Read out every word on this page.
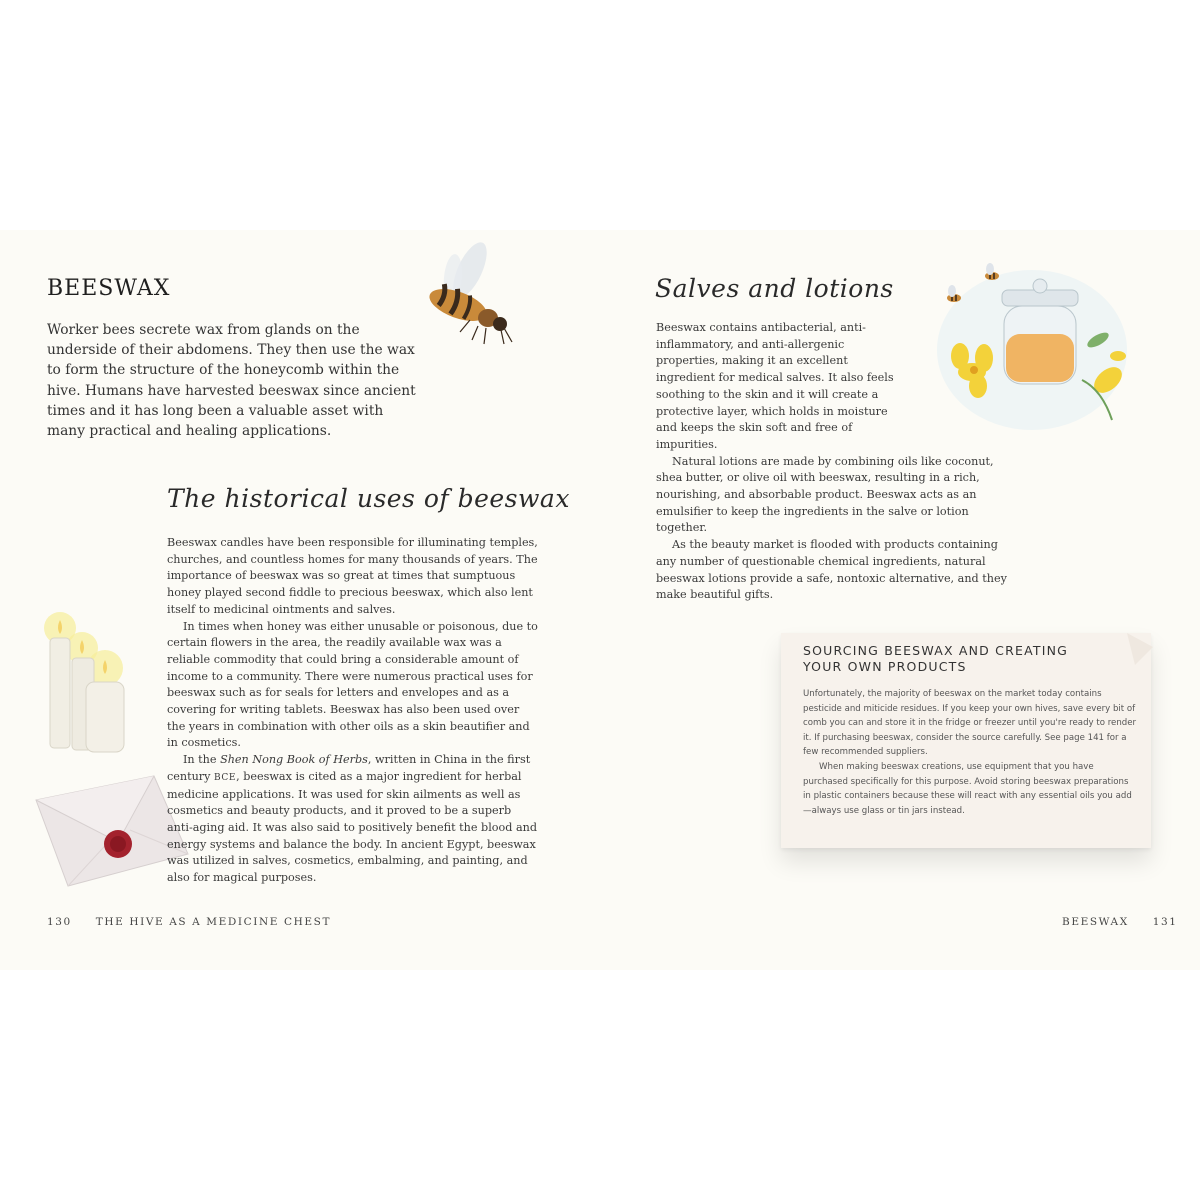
BEESWAX
Worker bees secrete wax from glands on the underside of their abdomens. They then use the wax to form the structure of the honeycomb within the hive. Humans have harvested beeswax since ancient times and it has long been a valuable asset with many practical and healing applications.
The historical uses of beeswax

Beeswax candles have been responsible for illuminating temples, churches, and countless homes for many thousands of years. The importance of beeswax was so great at times that sumptuous honey played second fiddle to precious beeswax, which also lent itself to medicinal ointments and salves.

In times when honey was either unusable or poisonous, due to certain flowers in the area, the readily available wax was a reliable commodity that could bring a considerable amount of income to a community. There were numerous practical uses for beeswax such as for seals for letters and envelopes and as a covering for writing tablets. Beeswax has also been used over the years in combination with other oils as a skin beautifier and in cosmetics.

In the Shen Nong Book of Herbs, written in China in the first century BCE, beeswax is cited as a major ingredient for herbal medicine applications. It was used for skin ailments as well as cosmetics and beauty products, and it proved to be a superb anti-aging aid. It was also said to positively benefit the blood and energy systems and balance the body. In ancient Egypt, beeswax was utilized in salves, cosmetics, embalming, and painting, and also for magical purposes.

130 THE HIVE AS A MEDICINE CHEST
Salves and lotions

Beeswax contains antibacterial, anti-inflammatory, and anti-allergenic properties, making it an excellent ingredient for medical salves. It also feels soothing to the skin and it will create a protective layer, which holds in moisture and keeps the skin soft and free of impurities.

Natural lotions are made by combining oils like coconut, shea butter, or olive oil with beeswax, resulting in a rich, nourishing, and absorbable product. Beeswax acts as an emulsifier to keep the ingredients in the salve or lotion together.

As the beauty market is flooded with products containing any number of questionable chemical ingredients, natural beeswax lotions provide a safe, nontoxic alternative, and they make beautiful gifts.

SOURCING BEESWAX AND CREATING YOUR OWN PRODUCTS

Unfortunately, the majority of beeswax on the market today contains pesticide and miticide residues. If you keep your own hives, save every bit of comb you can and store it in the fridge or freezer until you're ready to render it. If purchasing beeswax, consider the source carefully. See page 141 for a few recommended suppliers.

When making beeswax creations, use equipment that you have purchased specifically for this purpose. Avoid storing beeswax preparations in plastic containers because these will react with any essential oils you add—always use glass or tin jars instead.

BEESWAX 131
